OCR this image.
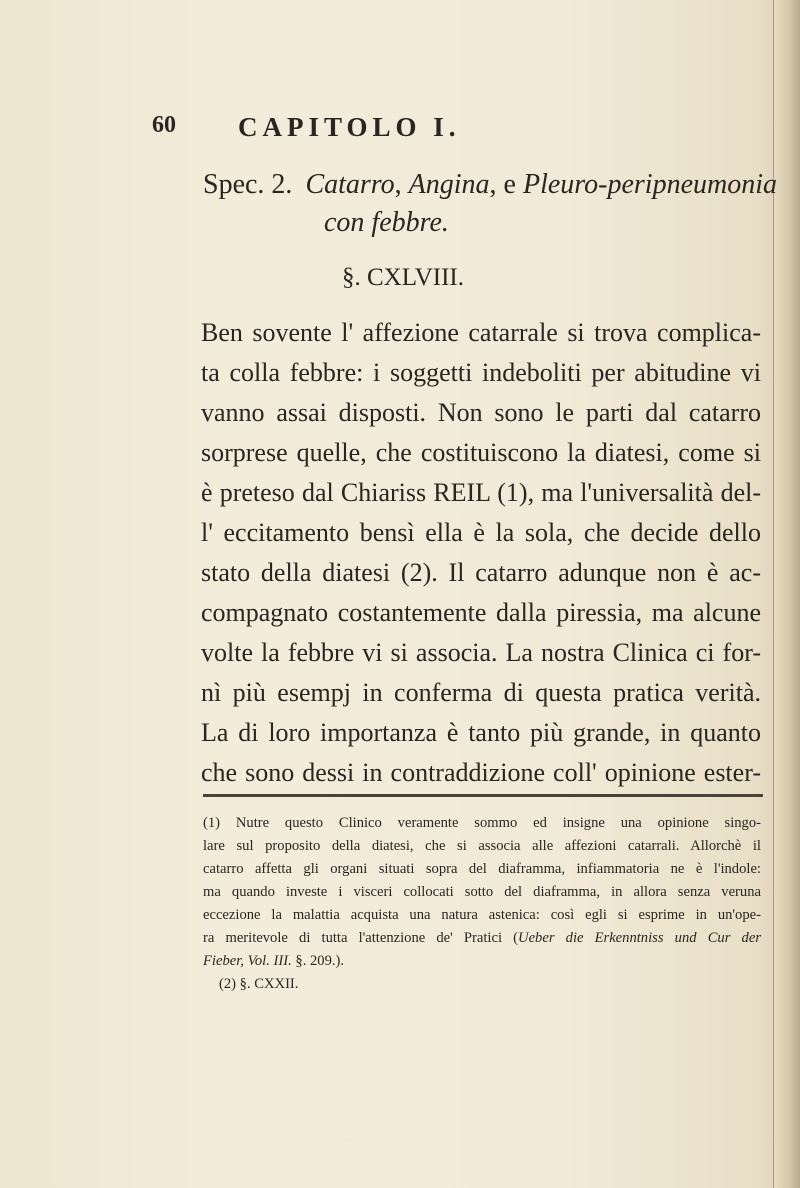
60 CAPITOLO I.
Spec. 2. Catarro, Angina, e Pleuro-peripneumonia
con febbre.
§. CXLVIII.
Ben sovente l' affezione catarrale si trova complica-
ta colla febbre: i soggetti indeboliti per abitudine vi
vanno assai disposti. Non sono le parti dal catarro
sorprese quelle, che costituiscono la diatesi, come si
è preteso dal Chiariss REIL (1), ma l'universalità del-
l' eccitamento bensì ella è la sola, che decide dello
stato della diatesi (2). Il catarro adunque non è ac-
compagnato costantemente dalla piressia, ma alcune
volte la febbre vi si associa. La nostra Clinica ci for-
nì più esempj in conferma di questa pratica verità.
La di loro importanza è tanto più grande, in quanto
che sono dessi in contraddizione coll' opinione ester-
(1) Nutre questo Clinico veramente sommo ed insigne una opinione singo-
lare sul proposito della diatesi, che si associa alle affezioni catarrali. Allorchè il
catarro affetta gli organi situati sopra del diaframma, infiammatoria ne è l'indole:
ma quando investe i visceri collocati sotto del diaframma, in allora senza veruna
eccezione la malattia acquista una natura astenica: così egli si esprime in un'ope-
ra meritevole di tutta l'attenzione de' Pratici (Ueber die Erkenntniss und Cur der
Fieber, Vol. III. §. 209.).
(2) §. CXXII.
